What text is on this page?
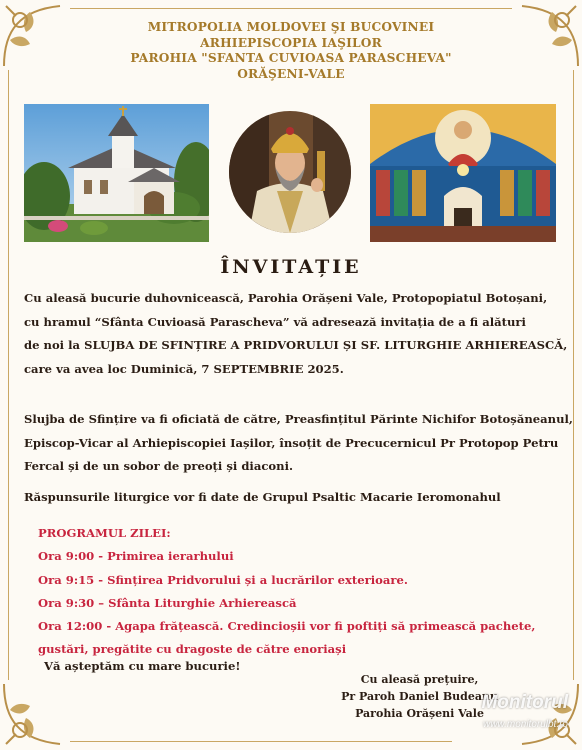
MITROPOLIA MOLDOVEI ŞI BUCOVINEI
ARHIEPISCOPIA IAŞILOR
PAROHIA "SFANTA CUVIOASA PARASCHEVA"
ORĂŞENI-VALE
ÎNVITAȚIE
Cu aleasă bucurie duhovnicească, Parohia Orășeni Vale, Protopopiatul Botoșani,
cu hramul “Sfânta Cuvioasă Parascheva” vă adresează invitația de a fi alături
de noi la SLUJBA DE SFINȚIRE A PRIDVORULUI ȘI SF. LITURGHIE ARHIEREASCĂ,
care va avea loc Duminică, 7 SEPTEMBRIE 2025.
Slujba de Sfințire va fi oficiată de către, Preasfințitul Părinte Nichifor Botoșăneanul,
Episcop-Vicar al Arhiepiscopiei Iașilor, însoțit de Precucernicul Pr Protopop Petru
Fercal și de un sobor de preoți și diaconi.
Răspunsurile liturgice vor fi date de Grupul Psaltic Macarie Ieromonahul
PROGRAMUL ZILEI:
Ora 9:00 - Primirea ierarhului
Ora 9:15 - Sfințirea Pridvorului și a lucrărilor exterioare.
Ora 9:30 – Sfânta Liturghie Arhierească
Ora 12:00 - Agapa frățească. Credincioșii vor fi poftiți să primească pachete,
gustări, pregătite cu dragoste de către enoriași
Vă așteptăm cu mare bucurie!
Cu aleasă prețuire,
Pr Paroh Daniel Budeanu
Parohia Orășeni Vale
Monitorul
www.monitorulbt.ro
